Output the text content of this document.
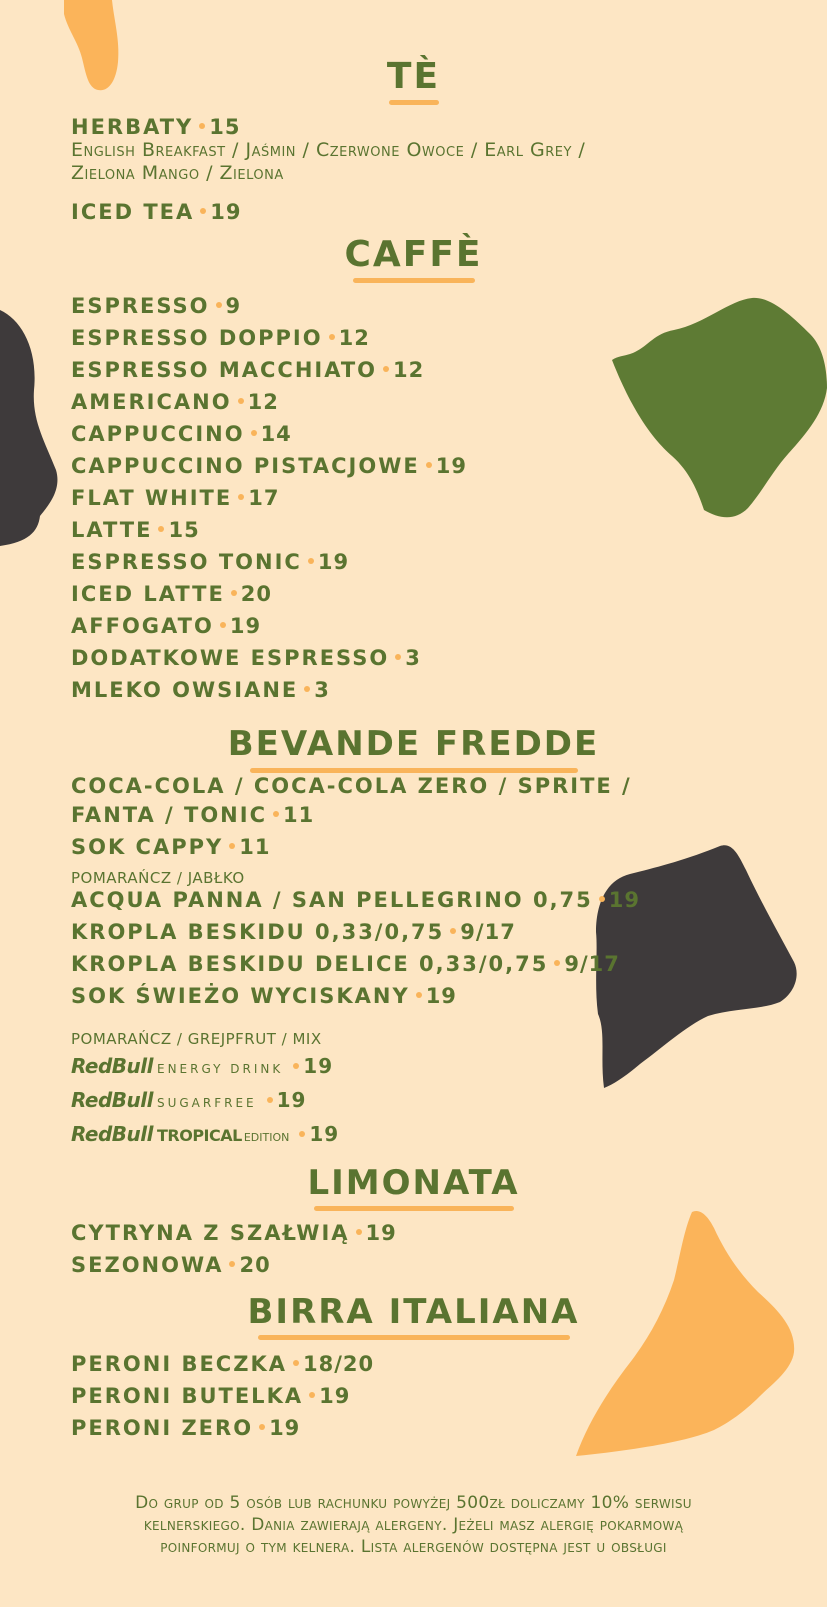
TÈ
HERBATY 15
English Breakfast / Jaśmin / Czerwone Owoce / Earl Grey /
Zielona Mango / Zielona
ICED TEA 19
CAFFÈ
ESPRESSO 9
ESPRESSO DOPPIO 12
ESPRESSO MACCHIATO 12
AMERICANO 12
CAPPUCCINO 14
CAPPUCCINO PISTACJOWE 19
FLAT WHITE 17
LATTE 15
ESPRESSO TONIC 19
ICED LATTE 20
AFFOGATO 19
DODATKOWE ESPRESSO 3
MLEKO OWSIANE 3
BEVANDE FREDDE
COCA-COLA / COCA-COLA ZERO / SPRITE /
FANTA / TONIC 11
SOK CAPPY 11
POMARAŃCZ / JABŁKO
ACQUA PANNA / SAN PELLEGRINO 0,75 19
KROPLA BESKIDU 0,33/0,75 9/17
KROPLA BESKIDU DELICE 0,33/0,75 9/17
SOK ŚWIEŻO WYCISKANY 19
POMARAŃCZ / GREJPFRUT / MIX
RedBull ENERGY DRINK 19
RedBull SUGARFREE 19
RedBull TROPICAL EDITION 19
LIMONATA
CYTRYNA Z SZAŁWIĄ 19
SEZONOWA 20
BIRRA ITALIANA
PERONI BECZKA 18/20
PERONI BUTELKA 19
PERONI ZERO 19
Do grup od 5 osób lub rachunku powyżej 500zł doliczamy 10% serwisu
kelnerskiego. Dania zawierają alergeny. Jeżeli masz alergię pokarmową
poinformuj o tym kelnera. Lista alergenów dostępna jest u obsługi
